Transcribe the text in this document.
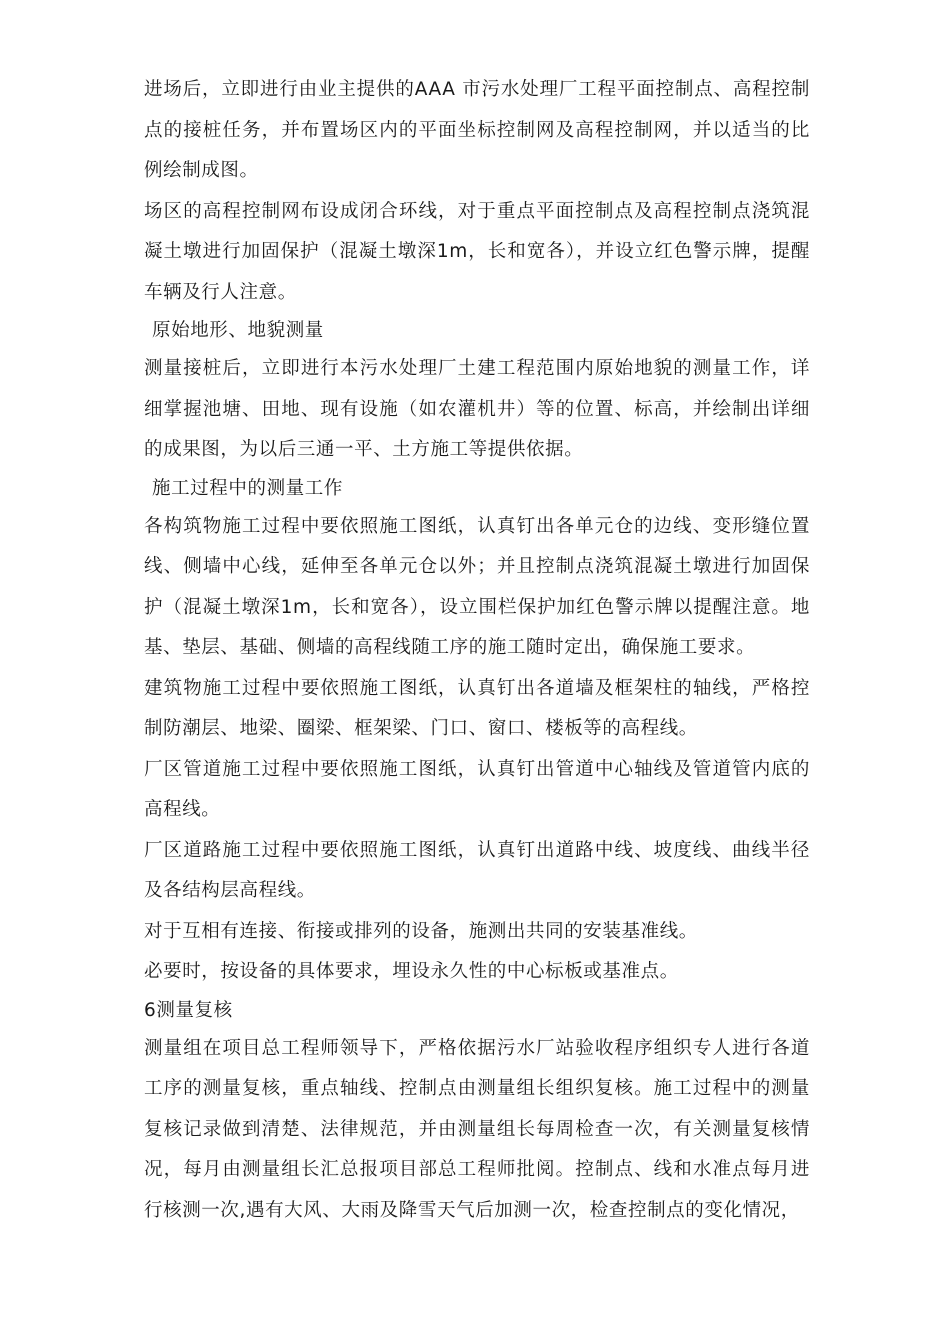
进场后，立即进行由业主提供的AAA 市污水处理厂工程平面控制点、高程控制点的接桩任务，并布置场区内的平面坐标控制网及高程控制网，并以适当的比例绘制成图。

场区的高程控制网布设成闭合环线，对于重点平面控制点及高程控制点浇筑混凝土墩进行加固保护（混凝土墩深1m，长和宽各），并设立红色警示牌，提醒车辆及行人注意。

原始地形、地貌测量

测量接桩后，立即进行本污水处理厂土建工程范围内原始地貌的测量工作，详细掌握池塘、田地、现有设施（如农灌机井）等的位置、标高，并绘制出详细的成果图，为以后三通一平、土方施工等提供依据。

施工过程中的测量工作

各构筑物施工过程中要依照施工图纸，认真钉出各单元仓的边线、变形缝位置线、侧墙中心线，延伸至各单元仓以外；并且控制点浇筑混凝土墩进行加固保护（混凝土墩深1m，长和宽各），设立围栏保护加红色警示牌以提醒注意。地基、垫层、基础、侧墙的高程线随工序的施工随时定出，确保施工要求。

建筑物施工过程中要依照施工图纸，认真钉出各道墙及框架柱的轴线，严格控制防潮层、地梁、圈梁、框架梁、门口、窗口、楼板等的高程线。

厂区管道施工过程中要依照施工图纸，认真钉出管道中心轴线及管道管内底的高程线。

厂区道路施工过程中要依照施工图纸，认真钉出道路中线、坡度线、曲线半径及各结构层高程线。

对于互相有连接、衔接或排列的设备，施测出共同的安装基准线。

必要时，按设备的具体要求，埋设永久性的中心标板或基准点。

6测量复核

测量组在项目总工程师领导下，严格依据污水厂站验收程序组织专人进行各道工序的测量复核，重点轴线、控制点由测量组长组织复核。施工过程中的测量复核记录做到清楚、法律规范，并由测量组长每周检查一次，有关测量复核情况，每月由测量组长汇总报项目部总工程师批阅。控制点、线和水准点每月进行核测一次,遇有大风、大雨及降雪天气后加测一次，检查控制点的变化情况，
